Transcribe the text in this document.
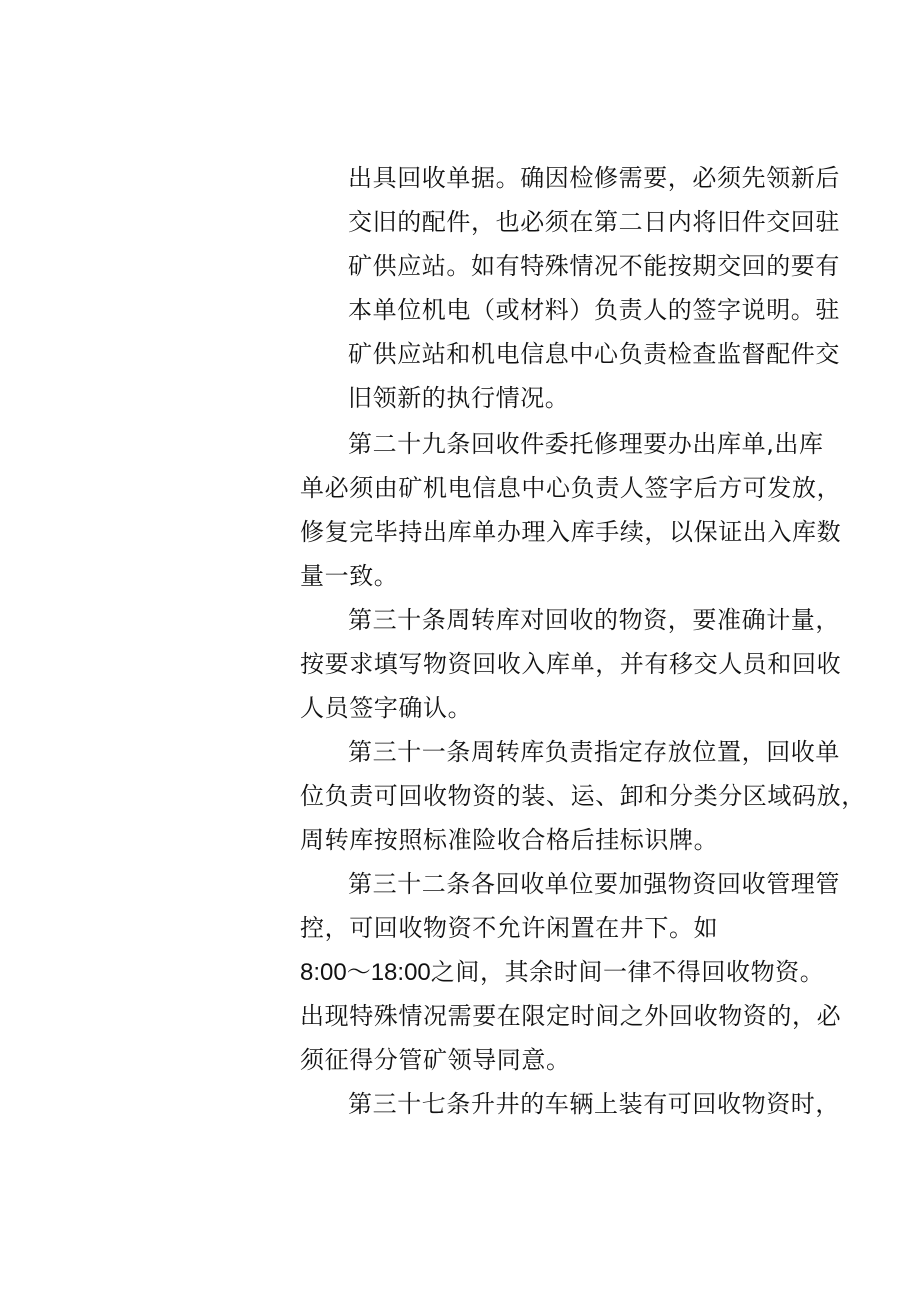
出具回收单据。确因检修需要，必须先领新后
交旧的配件，也必须在第二日内将旧件交回驻
矿供应站。如有特殊情况不能按期交回的要有
本单位机电（或材料）负责人的签字说明。驻
矿供应站和机电信息中心负责检查监督配件交
旧领新的执行情况。
第二十九条回收件委托修理要办出库单,出库
单必须由矿机电信息中心负责人签字后方可发放，
修复完毕持出库单办理入库手续，以保证出入库数
量一致。
第三十条周转库对回收的物资，要准确计量，
按要求填写物资回收入库单，并有移交人员和回收
人员签字确认。
第三十一条周转库负责指定存放位置，回收单
位负责可回收物资的装、运、卸和分类分区域码放，
周转库按照标准险收合格后挂标识牌。
第三十二条各回收单位要加强物资回收管理管
控，可回收物资不允许闲置在井下。如
8:00～18:00之间，其余时间一律不得回收物资。
出现特殊情况需要在限定时间之外回收物资的，必
须征得分管矿领导同意。
第三十七条升井的车辆上装有可回收物资时，
